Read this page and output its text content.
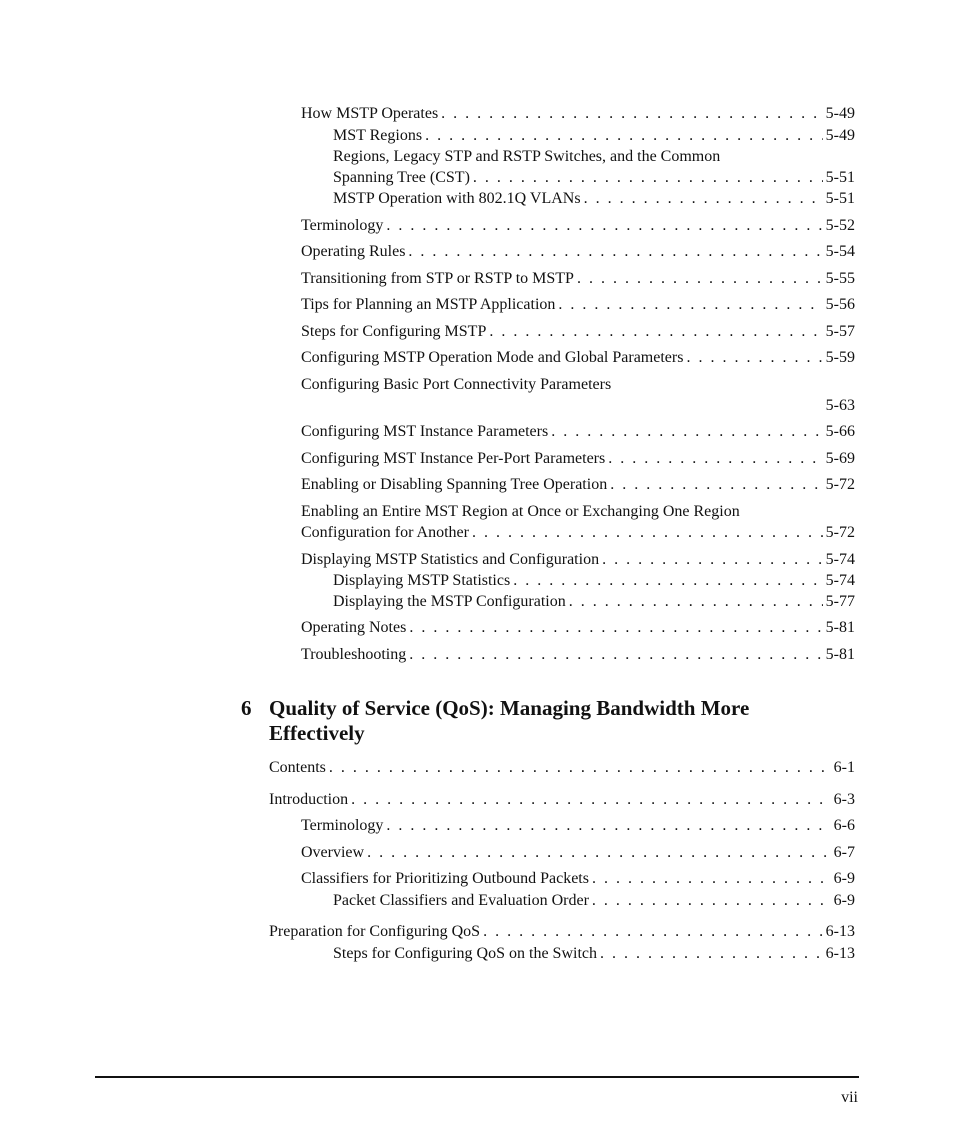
How MSTP Operates . . .	5-49
MST Regions . . .	5-49
Regions, Legacy STP and RSTP Switches, and the Common
Spanning Tree (CST) . . .	5-51
MSTP Operation with 802.1Q VLANs . . .	5-51
Terminology . . .	5-52
Operating Rules . . .	5-54
Transitioning from STP or RSTP to MSTP . . .	5-55
Tips for Planning an MSTP Application . . .	5-56
Steps for Configuring MSTP . . .	5-57
Configuring MSTP Operation Mode and Global Parameters . . .	5-59
Configuring Basic Port Connectivity Parameters
5-63
Configuring MST Instance Parameters . . .	5-66
Configuring MST Instance Per-Port Parameters . . .	5-69
Enabling or Disabling Spanning Tree Operation . . .	5-72
Enabling an Entire MST Region at Once or Exchanging One Region
Configuration for Another . . .	5-72
Displaying MSTP Statistics and Configuration . . .	5-74
Displaying MSTP Statistics . . .	5-74
Displaying the MSTP Configuration . . .	5-77
Operating Notes . . .	5-81
Troubleshooting . . .	5-81
6 Quality of Service (QoS): Managing Bandwidth More Effectively
Contents . . .	6-1
Introduction . . .	6-3
Terminology . . .	6-6
Overview . . .	6-7
Classifiers for Prioritizing Outbound Packets . . .	6-9
Packet Classifiers and Evaluation Order . . .	6-9
Preparation for Configuring QoS . . .	6-13
Steps for Configuring QoS on the Switch . . .	6-13
vii
